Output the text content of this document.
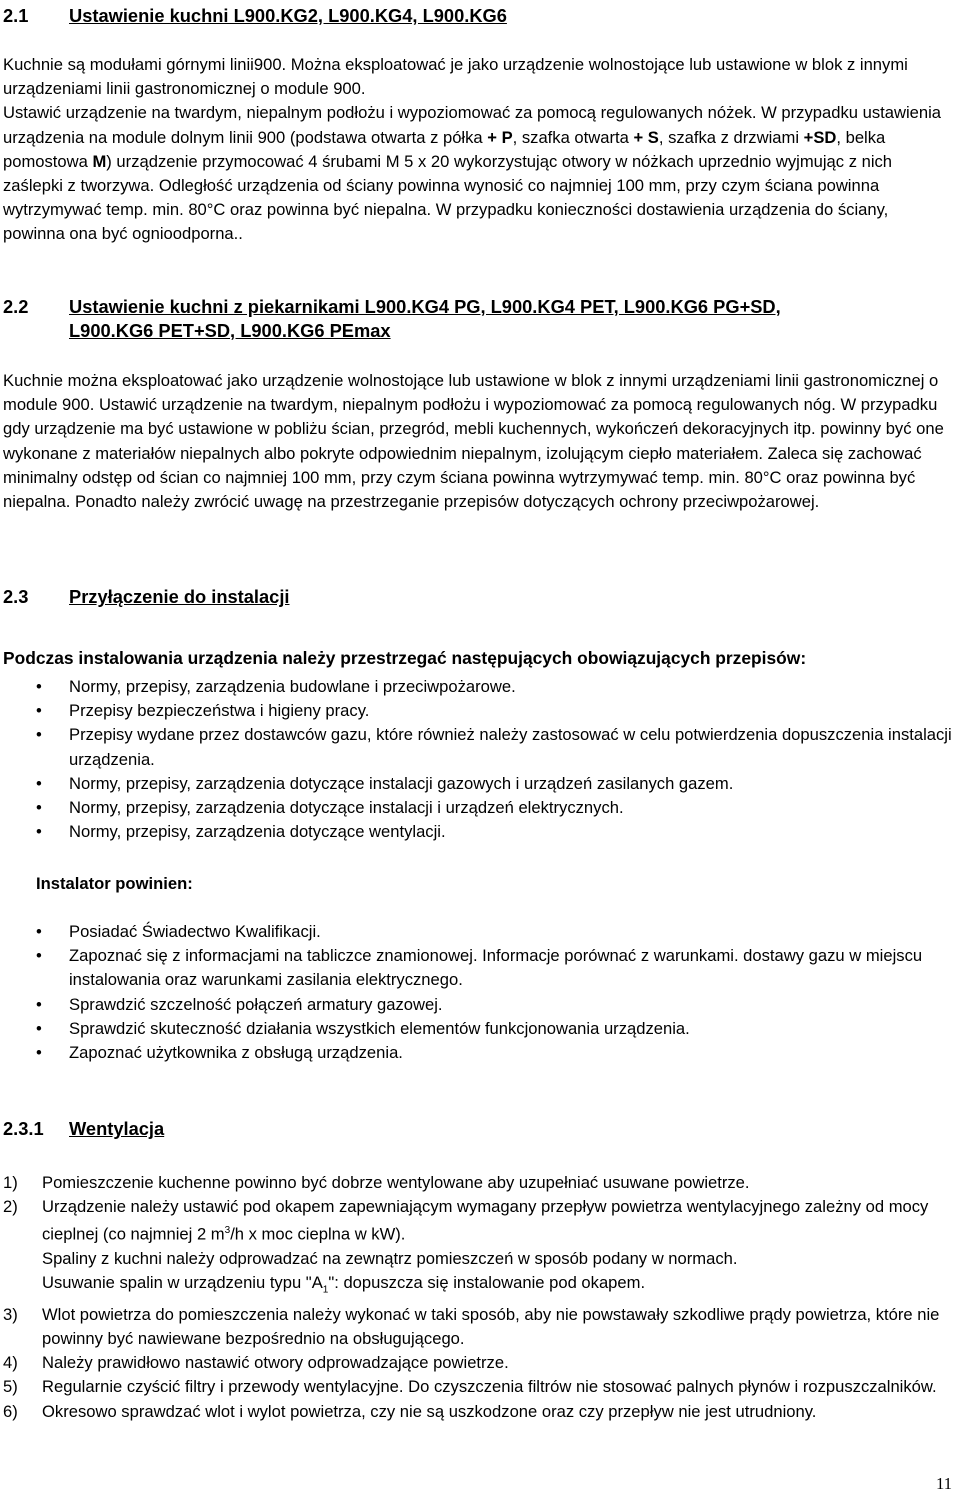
2.1 Ustawienie kuchni L900.KG2, L900.KG4, L900.KG6

Kuchnie są modułami górnymi linii900. Można eksploatować je jako urządzenie wolnostojące lub ustawione w blok z innymi urządzeniami linii gastronomicznej o module 900.

Ustawić urządzenie na twardym, niepalnym podłożu i wypoziomować za pomocą regulowanych nóżek. W przypadku ustawienia urządzenia na module dolnym linii 900 (podstawa otwarta z półka + P, szafka otwarta + S, szafka z drzwiami +SD, belka pomostowa M) urządzenie przymocować 4 śrubami M 5 x 20 wykorzystując otwory w nóżkach uprzednio wyjmując z nich zaślepki z tworzywa. Odległość urządzenia od ściany powinna wynosić co najmniej 100 mm, przy czym ściana powinna wytrzymywać temp. min. 80°C oraz powinna być niepalna. W przypadku konieczności dostawienia urządzenia do ściany, powinna ona być ognioodporna..

2.2	Ustawienie kuchni z piekarnikami L900.KG4 PG, L900.KG4 PET, L900.KG6 PG+SD,
L900.KG6 PET+SD, L900.KG6 PEmax

Kuchnie można eksploatować jako urządzenie wolnostojące lub ustawione w blok z innymi urządzeniami linii gastronomicznej o module 900. Ustawić urządzenie na twardym, niepalnym podłożu i wypoziomować za pomocą regulowanych nóg. W przypadku gdy urządzenie ma być ustawione w pobliżu ścian, przegród, mebli kuchennych, wykończeń dekoracyjnych itp. powinny być one wykonane z materiałów niepalnych albo pokryte odpowiednim niepalnym, izolującym ciepło materiałem. Zaleca się zachować minimalny odstęp od ścian co najmniej 100 mm, przy czym ściana powinna wytrzymywać temp. min. 80°C oraz powinna być niepalna. Ponadto należy zwrócić uwagę na przestrzeganie przepisów dotyczących ochrony przeciwpożarowej.

2.3 Przyłączenie do instalacji

Podczas instalowania urządzenia należy przestrzegać następujących obowiązujących przepisów:

• Normy, przepisy, zarządzenia budowlane i przeciwpożarowe.
• Przepisy bezpieczeństwa i higieny pracy.
• Przepisy wydane przez dostawców gazu, które również należy zastosować w celu potwierdzenia dopuszczenia instalacji urządzenia.
• Normy, przepisy, zarządzenia dotyczące instalacji gazowych i urządzeń zasilanych gazem.
• Normy, przepisy, zarządzenia dotyczące instalacji i urządzeń elektrycznych.
• Normy, przepisy, zarządzenia dotyczące wentylacji.

Instalator powinien:

• Posiadać Świadectwo Kwalifikacji.
• Zapoznać się z informacjami na tabliczce znamionowej. Informacje porównać z warunkami. dostawy gazu w miejscu instalowania oraz warunkami zasilania elektrycznego.
• Sprawdzić szczelność połączeń armatury gazowej.
• Sprawdzić skuteczność działania wszystkich elementów funkcjonowania urządzenia.
• Zapoznać użytkownika z obsługą urządzenia.
2.3.1 Wentylacja
1) Pomieszczenie kuchenne powinno być dobrze wentylowane aby uzupełniać usuwane powietrze.
2) Urządzenie należy ustawić pod okapem zapewniającym wymagany przepływ powietrza wentylacyjnego zależny od mocy cieplnej (co najmniej 2 $m^3/h$ x moc cieplna w kW).
Spaliny z kuchni należy odprowadzać na zewnątrz pomieszczeń w sposób podany w normach.
Usuwanie spalin w urządzeniu typu "$A_1$": dopuszcza się instalowanie pod okapem.
3) Wlot powietrza do pomieszczenia należy wykonać w taki sposób, aby nie powstawały szkodliwe prądy powietrza, które nie powinny być nawiewane bezpośrednio na obsługującego.
4) Należy prawidłowo nastawić otwory odprowadzające powietrze.
5) Regularnie czyścić filtry i przewody wentylacyjne. Do czyszczenia filtrów nie stosować palnych płynów i rozpuszczalników.
6) Okresowo sprawdzać wlot i wylot powietrza, czy nie są uszkodzone oraz czy przepływ nie jest utrudniony.
11
